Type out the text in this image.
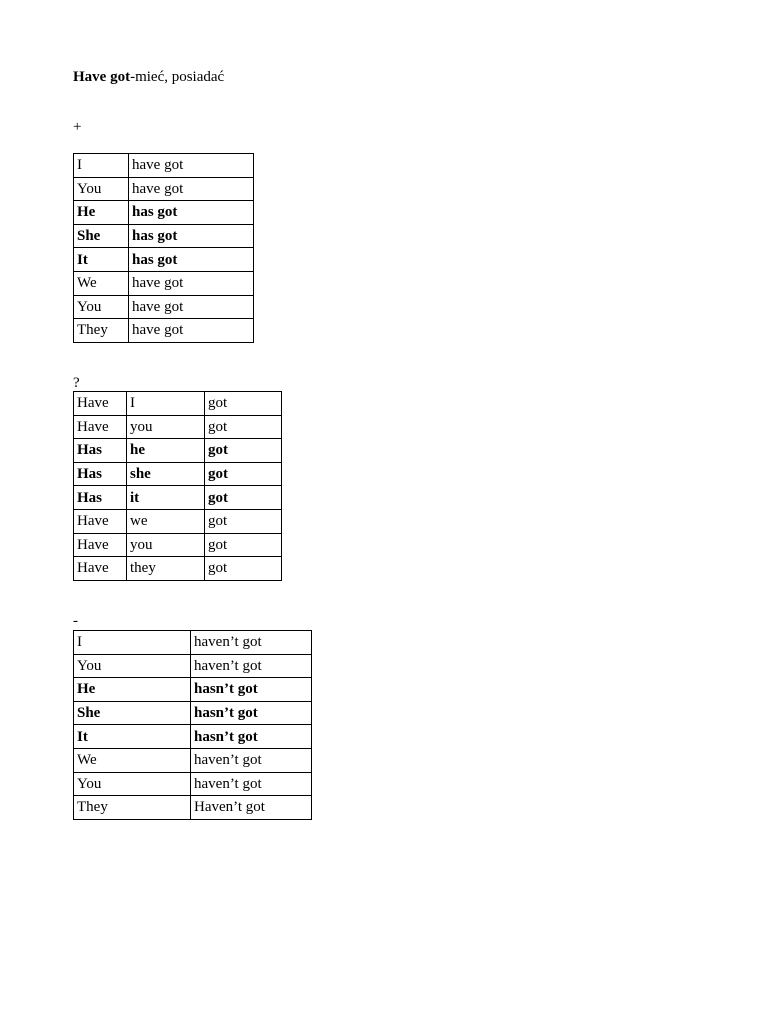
Have got-mieć, posiadać
+
I	have got
You	have got
He	has got
She	has got
It	has got
We	have got
You	have got
They	have got
?
Have	I	got
Have	you	got
Has	he	got
Has	she	got
Has	it	got
Have	we	got
Have	you	got
Have	they	got
-
I	haven’t got
You	haven’t got
He	hasn’t got
She	hasn’t got
It	hasn’t got
We	haven’t got
You	haven’t got
They	Haven’t got
